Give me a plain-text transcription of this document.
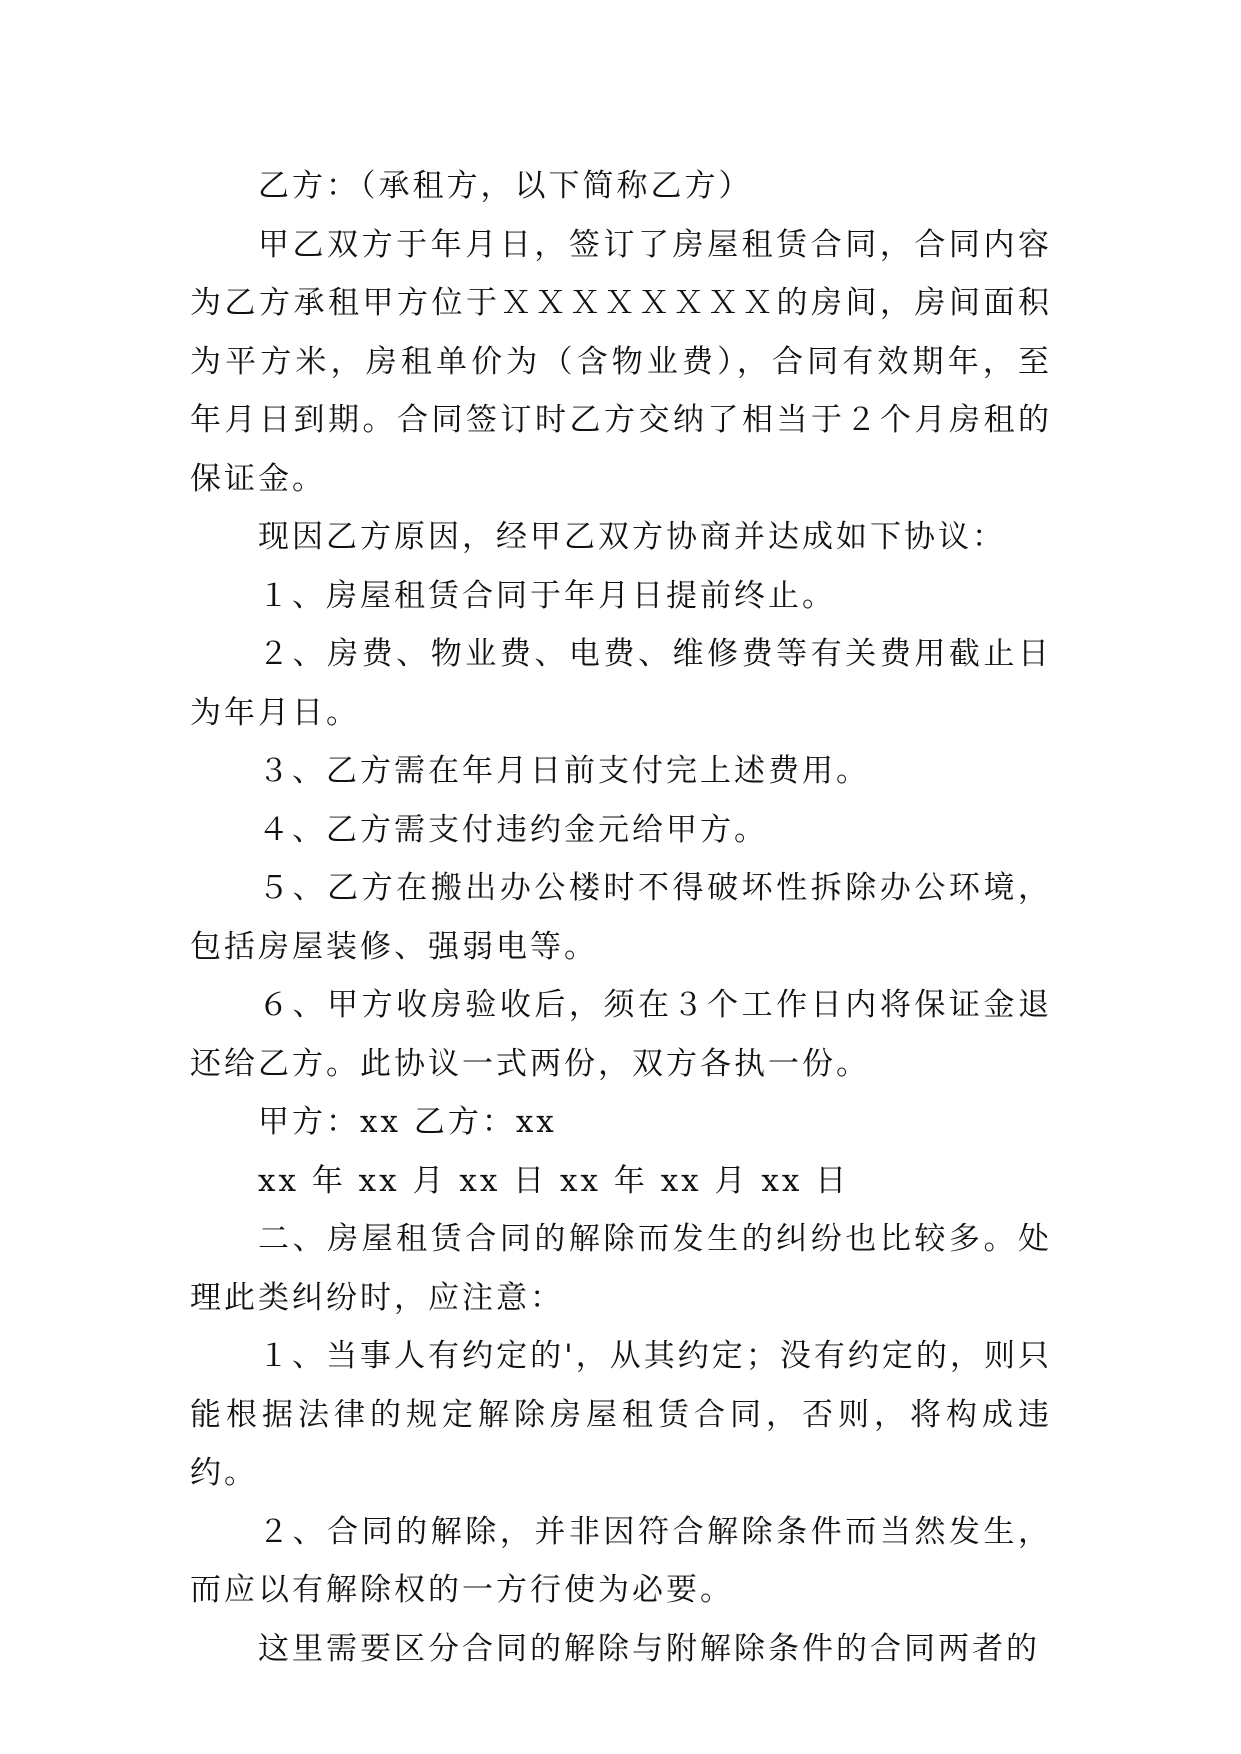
乙方：（承租方，以下简称乙方）

甲乙双方于年月日，签订了房屋租赁合同，合同内容为乙方承租甲方位于ＸＸＸＸＸＸＸＸ的房间，房间面积为平方米，房租单价为（含物业费），合同有效期年，至年月日到期。合同签订时乙方交纳了相当于２个月房租的保证金。

现因乙方原因，经甲乙双方协商并达成如下协议：

１、房屋租赁合同于年月日提前终止。

２、房费、物业费、电费、维修费等有关费用截止日为年月日。

３、乙方需在年月日前支付完上述费用。

４、乙方需支付违约金元给甲方。

５、乙方在搬出办公楼时不得破坏性拆除办公环境，包括房屋装修、强弱电等。

６、甲方收房验收后，须在３个工作日内将保证金退还给乙方。此协议一式两份，双方各执一份。

甲方：xx 乙方：xx

xx 年 xx 月 xx 日 xx 年 xx 月 xx 日

二、房屋租赁合同的解除而发生的纠纷也比较多。处理此类纠纷时，应注意：

１、当事人有约定的'，从其约定；没有约定的，则只能根据法律的规定解除房屋租赁合同，否则，将构成违约。

２、合同的解除，并非因符合解除条件而当然发生，而应以有解除权的一方行使为必要。

这里需要区分合同的解除与附解除条件的合同两者的
